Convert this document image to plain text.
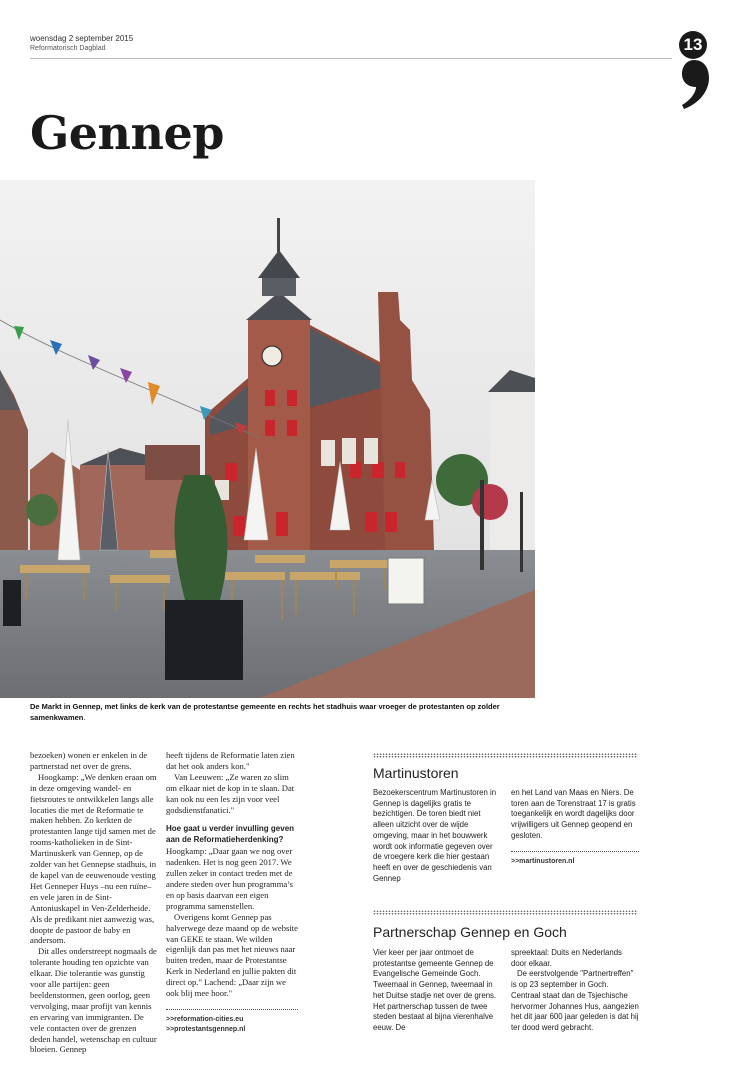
woensdag 2 september 2015
Reformatorisch Dagblad	13
Gennep

De Markt in Gennep, met links de kerk van de protestantse gemeente en rechts het stadhuis waar vroeger de protestanten op zolder samenkwamen.

bezoeken) wonen er enkelen in de partnerstad net over de grens.

Hoogkamp: „We denken eraan om in deze omgeving wandel- en fietsroutes te ontwikkelen langs alle locaties die met de Reformatie te maken hebben. Zo kerkten de protestanten lange tijd samen met de rooms-katholieken in de Sint-Martinuskerk van Gennep, op de zolder van het Gennepse stadhuis, in de kapel van de eeuwenoude vesting Het Genneper Huys –nu een ruïne– en vele jaren in de Sint-Antoniuskapel in Ven-Zelderheide. Als de predikant niet aanwezig was, doopte de pastoor de baby en andersom.

Dit alles onderstreept nogmaals de tolerante houding ten opzichte van elkaar. Die tolerantie was gunstig voor alle partijen: geen beeldenstormen, geen oorlog, geen vervolging, maar profijt van kennis en ervaring van immigranten. De vele contacten over de grenzen deden handel, wetenschap en cultuur bloeien. Gennep

heeft tijdens de Reformatie laten zien dat het ook anders kon."

Van Leeuwen: „Ze waren zo slim om elkaar niet de kop in te slaan. Dat kan ook nu een les zijn voor veel godsdienstfanatici."

Hoe gaat u verder invulling geven aan de Reformatieherdenking?

Hoogkamp: „Daar gaan we nog over nadenken. Het is nog geen 2017. We zullen zeker in contact treden met de andere steden over hun programma’s en op basis daarvan een eigen programma samenstellen.

Overigens komt Gennep pas halverwege deze maand op de website van GEKE te staan. We wilden eigenlijk dan pas met het nieuws naar buiten treden, maar de Protestantse Kerk in Nederland en jullie pakten dit direct op." Lachend: „Daar zijn we ook blij mee hoor."

>>reformation-cities.eu
>>protestantsgennep.nl
Martinustoren
Bezoekerscentrum Martinustoren in Gennep is dagelijks gratis te bezichtigen. De toren biedt niet alleen uitzicht over de wijde omgeving, maar in het bouwwerk wordt ook informatie gegeven over de vroegere kerk die hier gestaan heeft en over de geschiedenis van Gennep

en het Land van Maas en Niers. De toren aan de Torenstraat 17 is gratis toegankelijk en wordt dagelijks door vrijwilligers uit Gennep geopend en gesloten.

>>martinustoren.nl
Partnerschap Gennep en Goch
Vier keer per jaar ontmoet de protestantse gemeente Gennep de Evangelische Gemeinde Goch. Tweemaal in Gennep, tweemaal in het Duitse stadje net over de grens. Het partnerschap tussen de twee steden bestaat al bijna vierenhalve eeuw. De

spreektaal: Duits en Nederlands door elkaar.

De eerstvolgende "Partnertreffen" is op 23 september in Goch. Centraal staat dan de Tsjechische hervormer Johannes Hus, aangezien het dit jaar 600 jaar geleden is dat hij ter dood werd gebracht.
